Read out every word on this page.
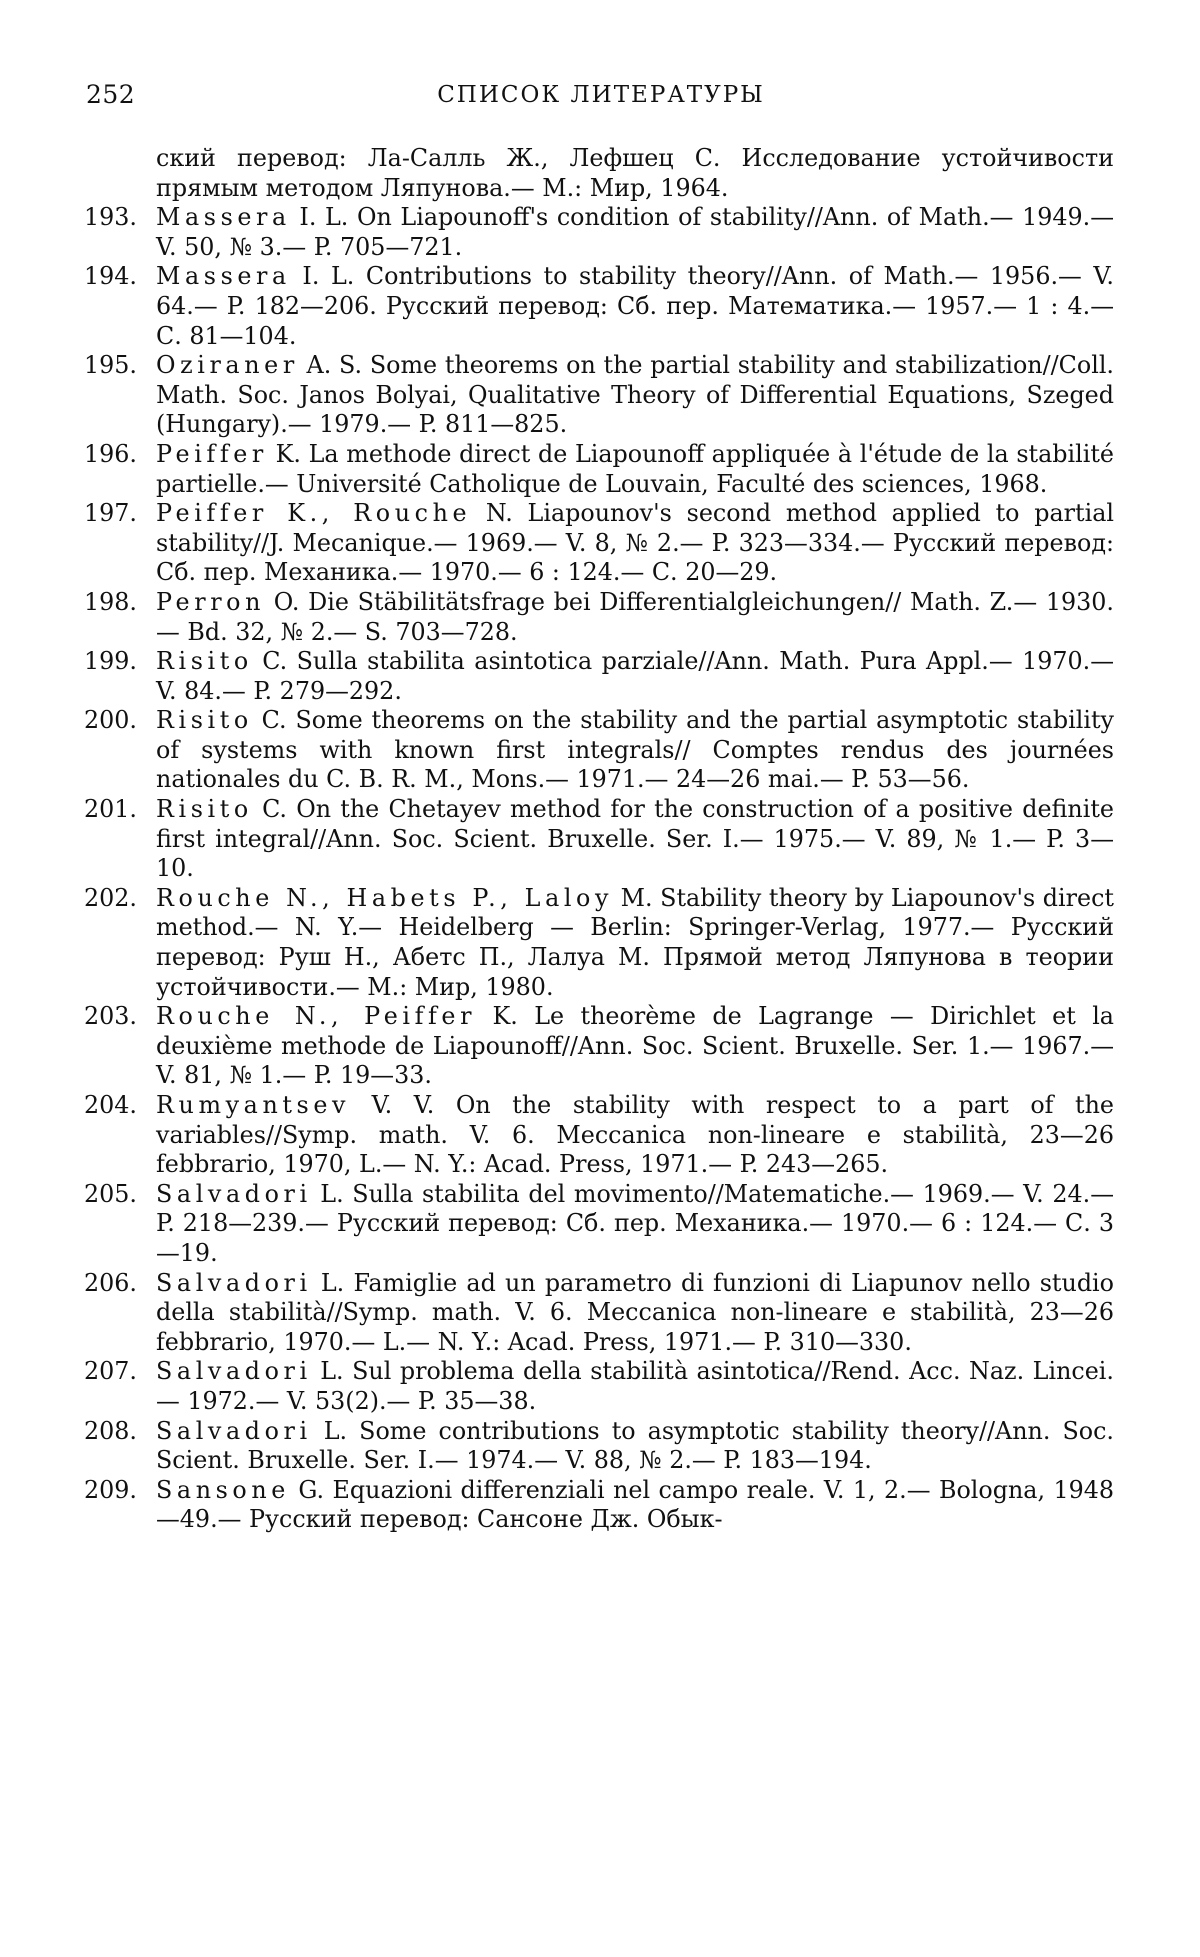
252	СПИСОК ЛИТЕРАТУРЫ
ский перевод: Ла-Салль Ж., Лефшец С. Исследование устойчивости прямым методом Ляпунова.— М.: Мир, 1964.
193. Massera I. L. On Liapounoff's condition of stability//Ann. of Math.— 1949.— V. 50, № 3.— P. 705—721.
194. Massera I. L. Contributions to stability theory//Ann. of Math.— 1956.— V. 64.— P. 182—206. Русский перевод: Сб. пер. Математика.— 1957.— 1 : 4.— С. 81—104.
195. Oziraner A. S. Some theorems on the partial stability and stabilization//Coll. Math. Soc. Janos Bolyai, Qualitative Theory of Differential Equations, Szeged (Hungary).— 1979.— P. 811—825.
196. Peiffer K. La methode direct de Liapounoff appliquée à l'étude de la stabilité partielle.— Université Catholique de Louvain, Faculté des sciences, 1968.
197. Peiffer K., Rouche N. Liapounov's second method applied to partial stability//J. Mecanique.— 1969.— V. 8, № 2.— P. 323—334.— Русский перевод: Сб. пер. Механика.— 1970.— 6 : 124.— С. 20—29.
198. Perron O. Die Stäbilitätsfrage bei Differentialgleichungen// Math. Z.— 1930.— Bd. 32, № 2.— S. 703—728.
199. Risito C. Sulla stabilita asintotica parziale//Ann. Math. Pura Appl.— 1970.— V. 84.— P. 279—292.
200. Risito C. Some theorems on the stability and the partial asymptotic stability of systems with known first integrals// Comptes rendus des journées nationales du C. B. R. M., Mons.— 1971.— 24—26 mai.— P. 53—56.
201. Risito C. On the Chetayev method for the construction of a positive definite first integral//Ann. Soc. Scient. Bruxelle. Ser. I.— 1975.— V. 89, № 1.— P. 3—10.
202. Rouche N., Habets P., Laloy M. Stability theory by Liapounov's direct method.— N. Y.— Heidelberg — Berlin: Springer-Verlag, 1977.— Русский перевод: Руш Н., Абетс П., Лалуа М. Прямой метод Ляпунова в теории устойчивости.— М.: Мир, 1980.
203. Rouche N., Peiffer K. Le theorème de Lagrange — Dirichlet et la deuxième methode de Liapounoff//Ann. Soc. Scient. Bruxelle. Ser. 1.— 1967.— V. 81, № 1.— P. 19—33.
204. Rumyantsev V. V. On the stability with respect to a part of the variables//Symp. math. V. 6. Meccanica non-lineare e stabilità, 23—26 febbrario, 1970, L.— N. Y.: Acad. Press, 1971.— P. 243—265.
205. Salvadori L. Sulla stabilita del movimento//Matematiche.— 1969.— V. 24.— P. 218—239.— Русский перевод: Сб. пер. Механика.— 1970.— 6 : 124.— С. 3—19.
206. Salvadori L. Famiglie ad un parametro di funzioni di Liapunov nello studio della stabilità//Symp. math. V. 6. Meccanica non-lineare e stabilità, 23—26 febbrario, 1970.— L.— N. Y.: Acad. Press, 1971.— P. 310—330.
207. Salvadori L. Sul problema della stabilità asintotica//Rend. Acc. Naz. Lincei.— 1972.— V. 53(2).— P. 35—38.
208. Salvadori L. Some contributions to asymptotic stability theory//Ann. Soc. Scient. Bruxelle. Ser. I.— 1974.— V. 88, № 2.— P. 183—194.
209. Sansone G. Equazioni differenziali nel campo reale. V. 1, 2.— Bologna, 1948—49.— Русский перевод: Сансоне Дж. Обык-
